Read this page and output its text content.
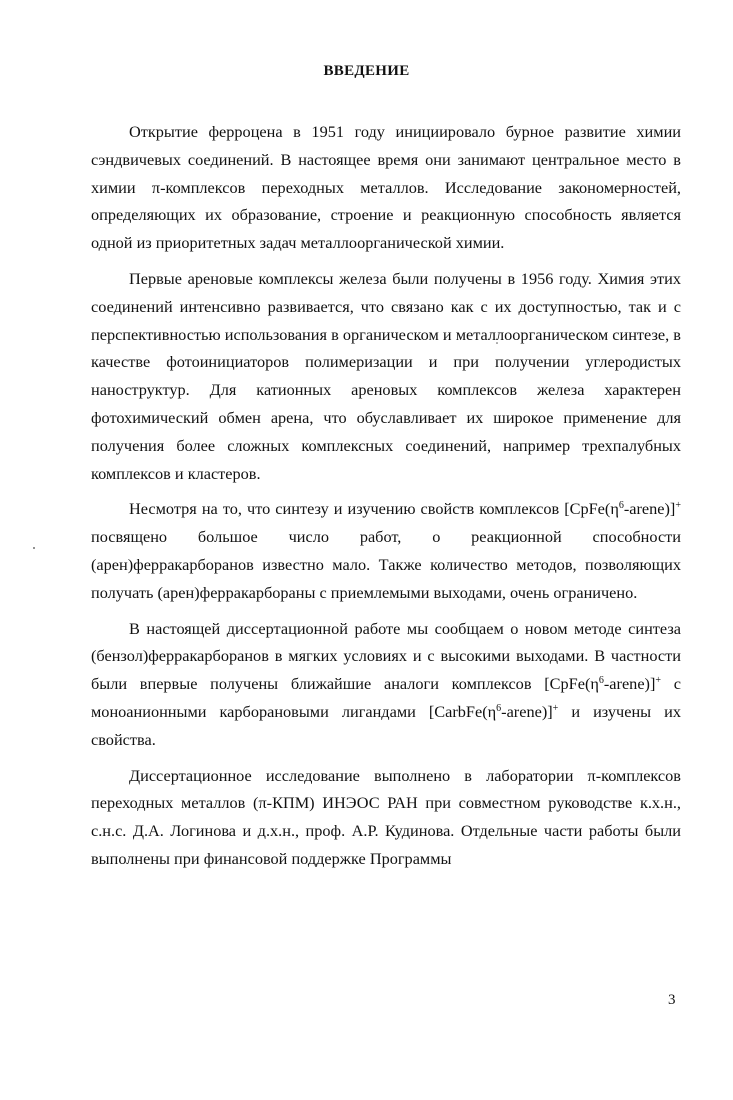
ВВЕДЕНИЕ

Открытие ферроцена в 1951 году инициировало бурное развитие химии сэндвичевых соединений. В настоящее время они занимают центральное место в химии π-комплексов переходных металлов. Исследование закономерностей, определяющих их образование, строение и реакционную способность является одной из приоритетных задач металлоорганической химии.

Первые ареновые комплексы железа были получены в 1956 году. Химия этих соединений интенсивно развивается, что связано как с их доступностью, так и с перспективностью использования в органическом и металлоорганическом синтезе, в качестве фотоинициаторов полимеризации и при получении углеродистых наноструктур. Для катионных ареновых комплексов железа характерен фотохимический обмен арена, что обуславливает их широкое применение для получения более сложных комплексных соединений, например трехпалубных комплексов и кластеров.

Несмотря на то, что синтезу и изучению свойств комплексов $[CpFe(\eta^6-arene)]^+$ посвящено большое число работ, о реакционной способности (арен)ферракарборанов известно мало. Также количество методов, позволяющих получать (арен)ферракарбораны с приемлемыми выходами, очень ограничено.

В настоящей диссертационной работе мы сообщаем о новом методе синтеза (бензол)ферракарборанов в мягких условиях и с высокими выходами. В частности были впервые получены ближайшие аналоги комплексов $[CpFe(\eta^6-arene)]^+$ с моноанионными карборановыми лигандами $[CarbFe(\eta^6-arene)]^+$ и изучены их свойства.

Диссертационное исследование выполнено в лаборатории π-комплексов переходных металлов (π-КПМ) ИНЭОС РАН при совместном руководстве к.х.н., с.н.с. Д.А. Логинова и д.х.н., проф. А.Р. Кудинова. Отдельные части работы были выполнены при финансовой поддержке Программы

3
